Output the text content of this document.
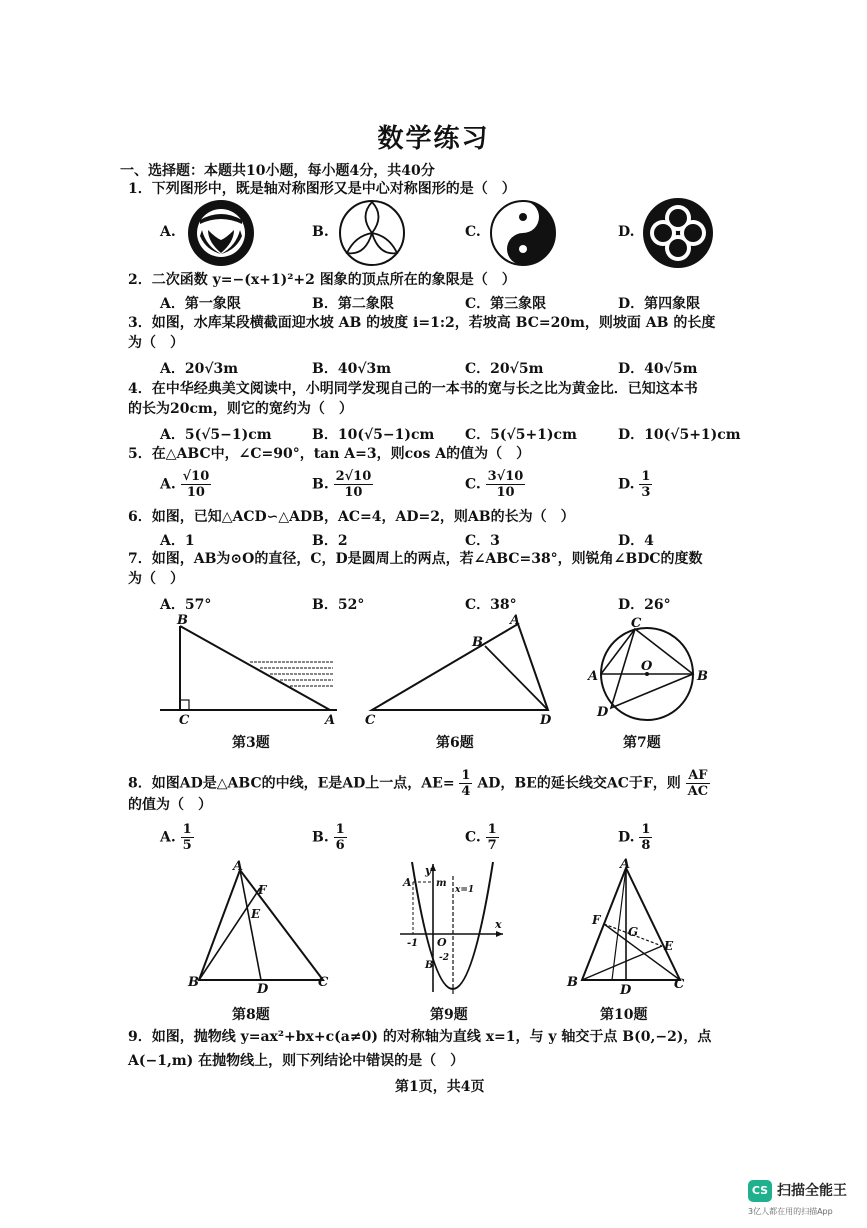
数学练习
一、选择题：本题共10小题，每小题4分，共40分
1．下列图形中，既是轴对称图形又是中心对称图形的是（　）
A.	B.	C.	D.
2．二次函数 y=−(x+1)²+2 图象的顶点所在的象限是（　）
A．第一象限	B．第二象限	C．第三象限	D．第四象限
3．如图，水库某段横截面迎水坡 AB 的坡度 i=1:2，若坡高 BC=20m，则坡面 AB 的长度
为（　）
A．20√3m	B．40√3m	C．20√5m	D．40√5m
4．在中华经典美文阅读中，小明同学发现自己的一本书的宽与长之比为黄金比．已知这本书
的长为20cm，则它的宽约为（　）
A．5(√5−1)cm	B．10(√5−1)cm C．5(√5+1)cm	D．10(√5+1)cm
5．在△ABC中，∠C=90°，tan A=3，则cos A的值为（　）
A. $\frac{√10}{10}$	B. $\frac{2√10}{10}$	C. $\frac{3√10}{10}$	D. $\frac{1}{3}$
6．如图，已知△ACD∽△ADB，AC=4，AD=2，则AB的长为（　）
A．1	B．2	C．3	D．4
7．如图，AB为⊙O的直径，C，D是圆周上的两点，若∠ABC=38°，则锐角∠BDC的度数
为（　）
A．57°	B．52°	C．38°	D．26°
B
C	A
第3题
B
A
C	D
第6题
C
O
A	B
D
第7题
8．如图AD是△ABC的中线，E是AD上一点，$AE= \frac{1}{4}$ AD，BE的延长线交AC于F，则 $\frac{AF}{AC}$
的值为（　）
A. $\frac{1}{5}$	B. $\frac{1}{6}$	C. $\frac{1}{7}$	D. $\frac{1}{8}$
A
F
E
B	D	C
第8题
A
y
m
x=1
x
-1 O
B
-2
第9题
A
F
G
E
B
D	C
第10题
9．如图，抛物线 y=ax²+bx+c(a≠0) 的对称轴为直线 x=1，与 y 轴交于点 B(0,−2)，点
A(−1,m) 在抛物线上，则下列结论中错误的是（　）
第1页，共4页
CS 扫描全能王
3亿人都在用的扫描App
